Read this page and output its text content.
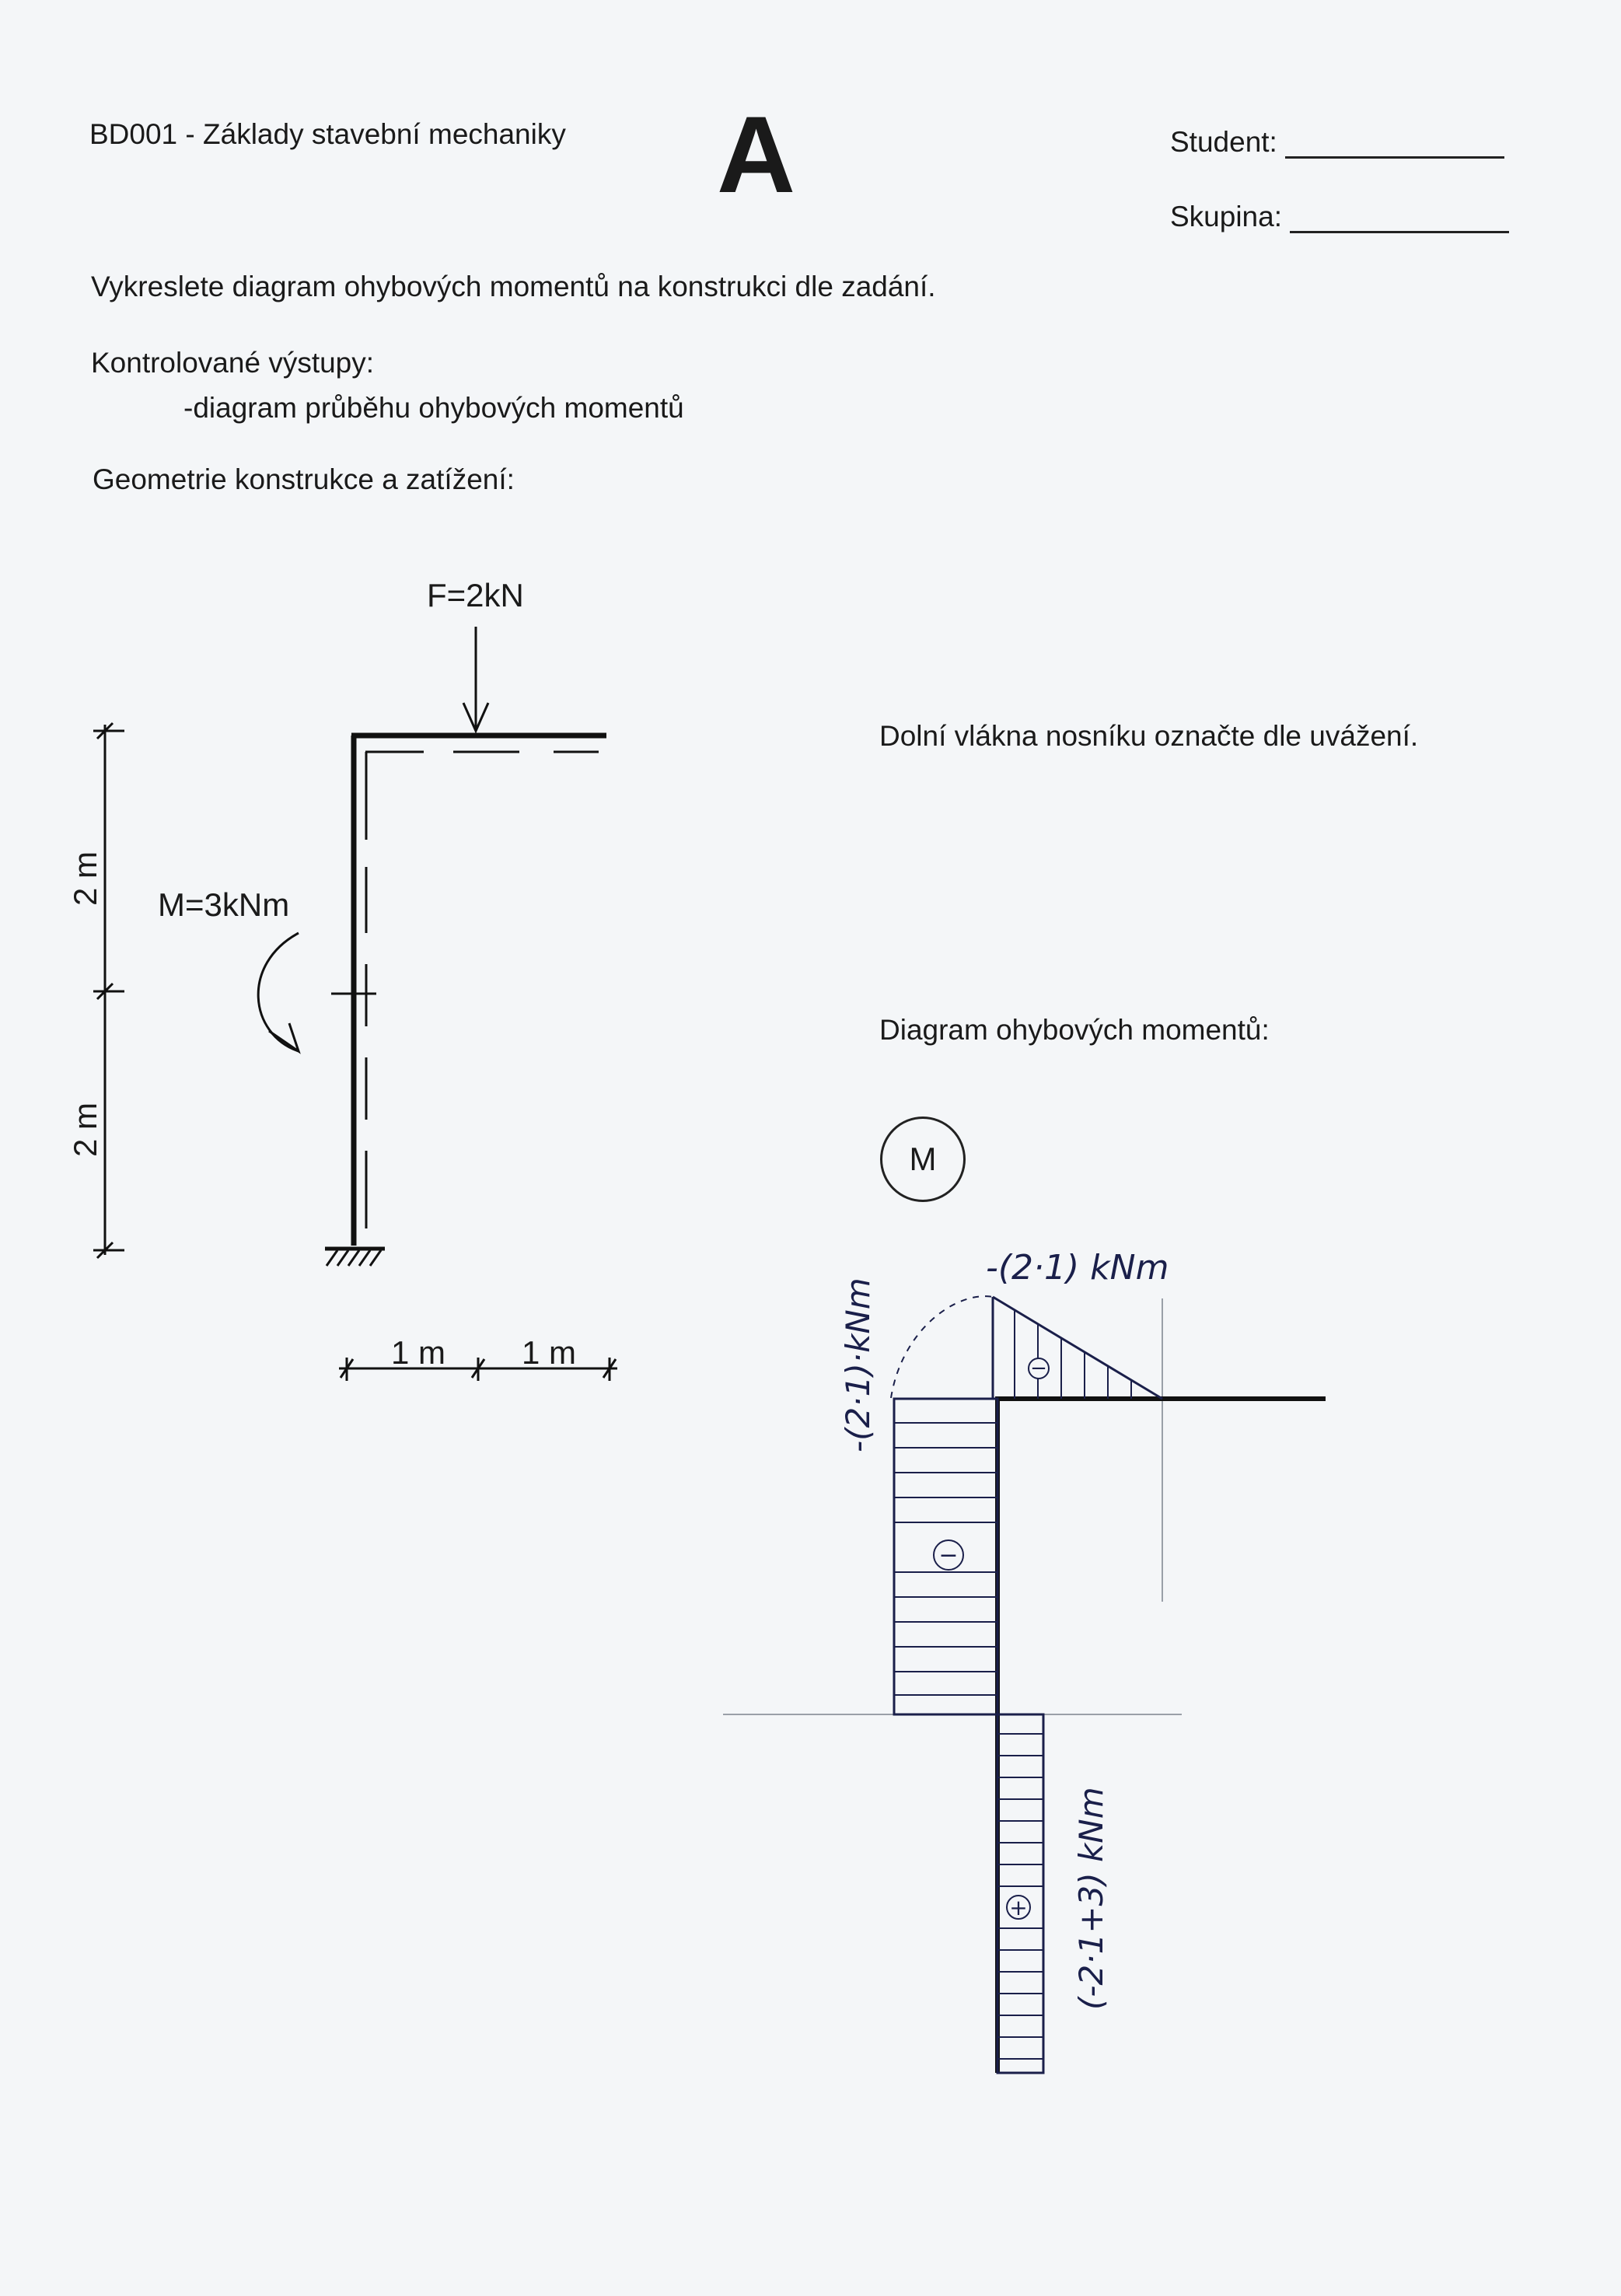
BD001 - Základy stavební mechaniky A	Student:
Skupina:
Vykreslete diagram ohybových momentů na konstrukci dle zadání.
Kontrolované výstupy:
-diagram průběhu ohybových momentů
Geometrie konstrukce a zatížení:
Dolní vlákna nosníku označte dle uvážení.
Diagram ohybových momentů:
F=2kN
M=3kNm
1 m 1 m
2 m
2 m
M
-(2·1) kNm
-(2·1)·kNm
(-2·1+3) kNm
−
−
+
